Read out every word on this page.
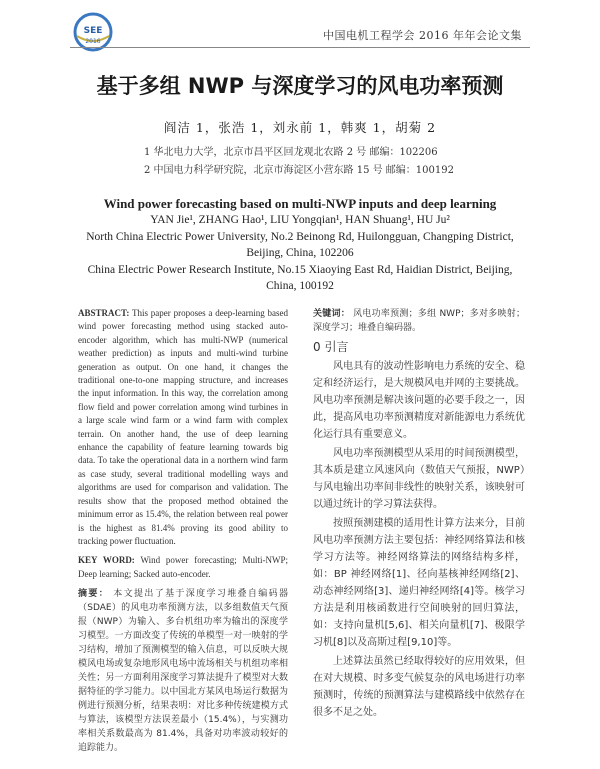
SEE
2016	中国电机工程学会 2016 年年会论文集
基于多组 NWP 与深度学习的风电功率预测
阎洁 1，张浩 1，刘永前 1，韩爽 1，胡菊 2
1 华北电力大学，北京市昌平区回龙观北农路 2 号 邮编：102206
2 中国电力科学研究院，北京市海淀区小营东路 15 号 邮编：100192
Wind power forecasting based on multi-NWP inputs and deep learning
YAN Jie¹, ZHANG Hao¹, LIU Yongqian¹, HAN Shuang¹, HU Ju²
North China Electric Power University, No.2 Beinong Rd, Huilongguan, Changping District, Beijing, China, 102206
China Electric Power Research Institute, No.15 Xiaoying East Rd, Haidian District, Beijing, China, 100192

ABSTRACT: This paper proposes a deep-learning based wind power forecasting method using stacked auto-encoder algorithm, which has multi-NWP (numerical weather prediction) as inputs and multi-wind turbine generation as output. On one hand, it changes the traditional one-to-one mapping structure, and increases the input information. In this way, the correlation among flow field and power correlation among wind turbines in a large scale wind farm or a wind farm with complex terrain. On another hand, the use of deep learning enhance the capability of feature learning towards big data. To take the operational data in a northern wind farm as case study, several traditional modelling ways and algorithms are used for comparison and validation. The results show that the proposed method obtained the minimum error as 15.4%, the relation between real power is the highest as 81.4% proving its good ability to tracking power fluctuation.

KEY WORD: Wind power forecasting; Multi-NWP; Deep learning; Sacked auto-encoder.

摘要： 本文提出了基于深度学习堆叠自编码器（SDAE）的风电功率预测方法，以多组数值天气预报（NWP）为输入、多台机组功率为输出的深度学习模型。一方面改变了传统的单模型一对一映射的学习结构，增加了预测模型的输入信息，可以反映大规模风电场或复杂地形风电场中流场相关与机组功率相关性；另一方面利用深度学习算法提升了模型对大数据特征的学习能力。以中国北方某风电场运行数据为例进行预测分析，结果表明：对比多种传统建模方式与算法，该模型方法误差最小（15.4%），与实测功率相关系数最高为 81.4%，具备对功率波动较好的追踪能力。

关键词： 风电功率预测；多组 NWP；多对多映射；深度学习；堆叠自编码器。

0 引言

风电具有的波动性影响电力系统的安全、稳定和经济运行，是大规模风电并网的主要挑战。风电功率预测是解决该问题的必要手段之一，因此，提高风电功率预测精度对新能源电力系统优化运行具有重要意义。

风电功率预测模型从采用的时间预测模型，其本质是建立风速风向（数值天气预报，NWP）与风电输出功率间非线性的映射关系，该映射可以通过统计的学习算法获得。

按照预测建模的适用性计算方法来分，目前风电功率预测方法主要包括：神经网络算法和核学习方法等。神经网络算法的网络结构多样，如：BP 神经网络[1]、径向基核神经网络[2]、动态神经网络[3]、递归神经网络[4]等。核学习方法是利用核函数进行空间映射的回归算法，如：支持向量机[5,6]、相关向量机[7]、极限学习机[8]以及高斯过程[9,10]等。

上述算法虽然已经取得较好的应用效果，但在对大规模、时多变气候复杂的风电场进行功率预测时，传统的预测算法与建模路线中依然存在很多不足之处。
